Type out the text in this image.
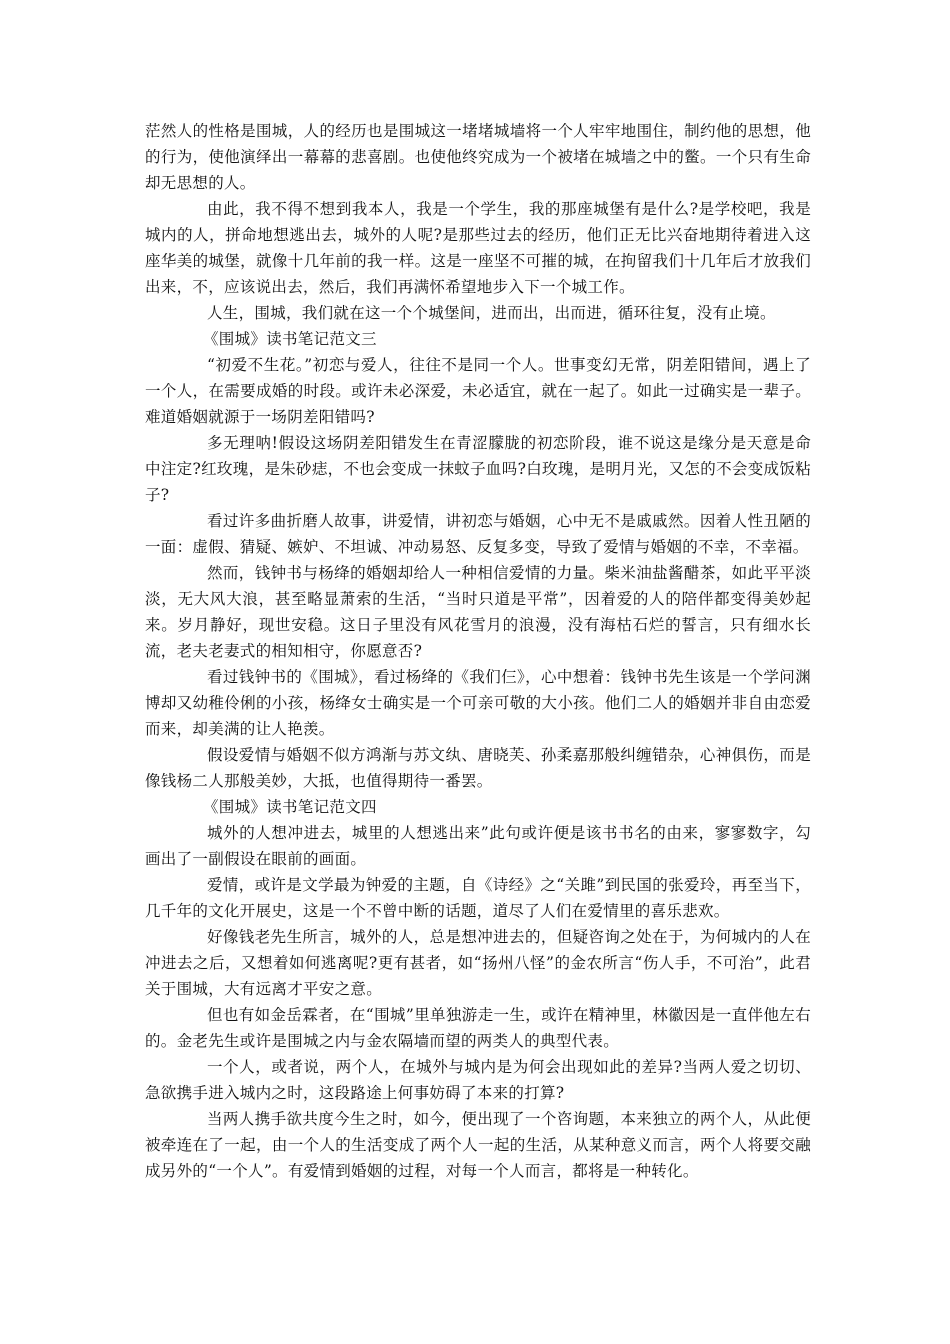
茫然人的性格是围城，人的经历也是围城这一堵堵城墙将一个人牢牢地围住，制约他的思想，他的行为，使他演绎出一幕幕的悲喜剧。也使他终究成为一个被堵在城墙之中的鳖。一个只有生命却无思想的人。

由此，我不得不想到我本人，我是一个学生，我的那座城堡有是什么?是学校吧，我是城内的人，拼命地想逃出去，城外的人呢?是那些过去的经历，他们正无比兴奋地期待着进入这座华美的城堡，就像十几年前的我一样。这是一座坚不可摧的城，在拘留我们十几年后才放我们出来，不，应该说出去，然后，我们再满怀希望地步入下一个城工作。

人生，围城，我们就在这一个个城堡间，进而出，出而进，循环往复，没有止境。

《围城》读书笔记范文三

“初爱不生花。”初恋与爱人，往往不是同一个人。世事变幻无常，阴差阳错间，遇上了一个人，在需要成婚的时段。或许未必深爱，未必适宜，就在一起了。如此一过确实是一辈子。难道婚姻就源于一场阴差阳错吗?

多无理呐!假设这场阴差阳错发生在青涩朦胧的初恋阶段，谁不说这是缘分是天意是命中注定?红玫瑰，是朱砂痣，不也会变成一抹蚊子血吗?白玫瑰，是明月光，又怎的不会变成饭粘子?

看过许多曲折磨人故事，讲爱情，讲初恋与婚姻，心中无不是戚戚然。因着人性丑陋的一面：虚假、猜疑、嫉妒、不坦诚、冲动易怒、反复多变，导致了爱情与婚姻的不幸，不幸福。

然而，钱钟书与杨绛的婚姻却给人一种相信爱情的力量。柴米油盐酱醋茶，如此平平淡淡，无大风大浪，甚至略显萧索的生活，“当时只道是平常”，因着爱的人的陪伴都变得美妙起来。岁月静好，现世安稳。这日子里没有风花雪月的浪漫，没有海枯石烂的誓言，只有细水长流，老夫老妻式的相知相守，你愿意否?

看过钱钟书的《围城》，看过杨绛的《我们仨》，心中想着：钱钟书先生该是一个学问渊博却又幼稚伶俐的小孩，杨绛女士确实是一个可亲可敬的大小孩。他们二人的婚姻并非自由恋爱而来，却美满的让人艳羡。

假设爱情与婚姻不似方鸿渐与苏文纨、唐晓芙、孙柔嘉那般纠缠错杂，心神俱伤，而是像钱杨二人那般美妙，大抵，也值得期待一番罢。

《围城》读书笔记范文四

城外的人想冲进去，城里的人想逃出来”此句或许便是该书书名的由来，寥寥数字，勾画出了一副假设在眼前的画面。

爱情，或许是文学最为钟爱的主题，自《诗经》之“关雎”到民国的张爱玲，再至当下，几千年的文化开展史，这是一个不曾中断的话题，道尽了人们在爱情里的喜乐悲欢。

好像钱老先生所言，城外的人，总是想冲进去的，但疑咨询之处在于，为何城内的人在冲进去之后，又想着如何逃离呢?更有甚者，如“扬州八怪”的金农所言“伤人手，不可治”，此君关于围城，大有远离才平安之意。

但也有如金岳霖者，在“围城”里单独游走一生，或许在精神里，林徽因是一直伴他左右的。金老先生或许是围城之内与金农隔墙而望的两类人的典型代表。

一个人，或者说，两个人，在城外与城内是为何会出现如此的差异?当两人爱之切切、急欲携手进入城内之时，这段路途上何事妨碍了本来的打算?

当两人携手欲共度今生之时，如今，便出现了一个咨询题，本来独立的两个人，从此便被牵连在了一起，由一个人的生活变成了两个人一起的生活，从某种意义而言，两个人将要交融成另外的“一个人”。有爱情到婚姻的过程，对每一个人而言，都将是一种转化。
